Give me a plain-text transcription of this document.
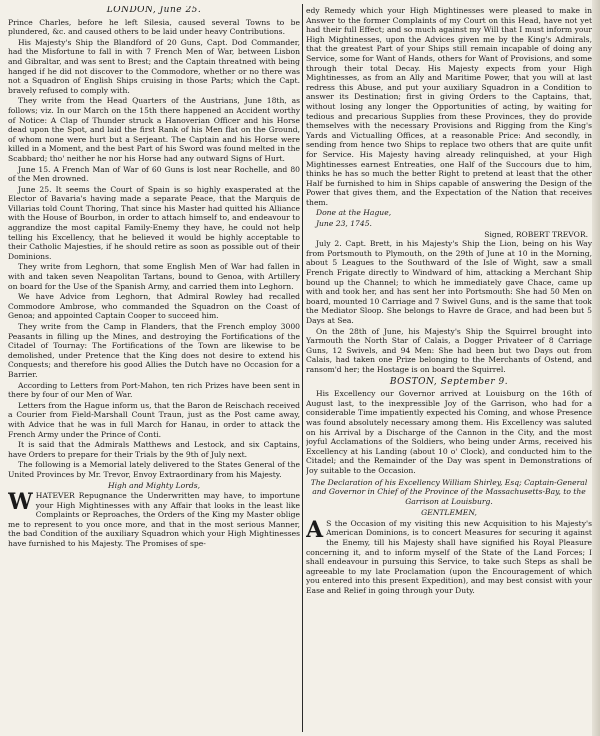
LONDON, June 25.

Prince Charles, before he left Silesia, caused several Towns to be plundered, &c. and caused others to be laid under heavy Contributions.

His Majesty's Ship the Blandford of 20 Guns, Capt. Dod Commander, had the Misfortune to fall in with 7 French Men of War, between Lisbon and Gibraltar, and was sent to Brest; and the Captain threatned with being hanged if he did not discover to the Commodore, whether or no there was not a Squadron of English Ships cruising in those Parts; which the Capt. bravely refused to comply with.

They write from the Head Quarters of the Austrians, June 18th, as follows; viz. In our March on the 15th there happened an Accident worthy of Notice: A Clap of Thunder struck a Hanoverian Officer and his Horse dead upon the Spot, and laid the first Rank of his Men flat on the Ground, of whom none were hurt but a Serjeant. The Captain and his Horse were killed in a Moment, and the best Part of his Sword was found melted in the Scabbard; tho' neither he nor his Horse had any outward Signs of Hurt.

June 15. A French Man of War of 60 Guns is lost near Rochelle, and 80 of the Men drowned.

June 25. It seems the Court of Spain is so highly exasperated at the Elector of Bavaria's having made a separate Peace, that the Marquis de Villarias told Count Thoring, That since his Master had quitted his Alliance with the House of Bourbon, in order to attach himself to, and endeavour to aggrandize the most capital Family-Enemy they have, he could not help telling his Excellency, that he believed it would be highly acceptable to their Catholic Majesties, if he should retire as soon as possible out of their Dominions.

They write from Leghorn, that some English Men of War had fallen in with and taken seven Neapolitan Tartans, bound to Genoa, with Artillery on board for the Use of the Spanish Army, and carried them into Leghorn.

We have Advice from Leghorn, that Admiral Rowley had recalled Commodore Ambrose, who commanded the Squadron on the Coast of Genoa; and appointed Captain Cooper to succeed him.

They write from the Camp in Flanders, that the French employ 3000 Peasants in filling up the Mines, and destroying the Fortifications of the Citadel of Tournay: The Fortifications of the Town are likewise to be demolished, under Pretence that the King does not desire to extend his Conquests; and therefore his good Allies the Dutch have no Occasion for a Barrier.

According to Letters from Port-Mahon, ten rich Prizes have been sent in there by four of our Men of War.

Letters from the Hague inform us, that the Baron de Reischach received a Courier from Field-Marshall Count Traun, just as the Post came away, with Advice that he was in full March for Hanau, in order to attack the French Army under the Prince of Conti.

It is said that the Admirals Matthews and Lestock, and six Captains, have Orders to prepare for their Trials by the 9th of July next.

The following is a Memorial lately delivered to the States General of the United Provinces by Mr. Trevor, Envoy Extraordinary from his Majesty.

High and Mighty Lords,

WHATEVER Repugnance the Underwritten may have, to importune your High Mightinesses with any Affair that looks in the least like Complaints or Reproaches, the Orders of the King my Master oblige me to represent to you once more, and that in the most serious Manner, the bad Condition of the auxiliary Squadron which your High Mightinesses have furnished to his Majesty. The Promises of spe-

edy Remedy which your High Mightinesses were pleased to make in Answer to the former Complaints of my Court on this Head, have not yet had their full Effect; and so much against my Will that I must inform your High Mightinesses, upon the Advices given me by the King's Admirals, that the greatest Part of your Ships still remain incapable of doing any Service, some for Want of Hands, others for Want of Provisions, and some through their total Decay. His Majesty expects from your High Mightinesses, as from an Ally and Maritime Power, that you will at last redress this Abuse, and put your auxiliary Squadron in a Condition to answer its Destination; first in giving Orders to the Captains, that, without losing any longer the Opportunities of acting, by waiting for tedious and precarious Supplies from these Provinces, they do provide themselves with the necessary Provisions and Rigging from the King's Yards and Victualling Offices, at a reasonable Price: And secondly, in sending from hence two Ships to replace two others that are quite unfit for Service. His Majesty having already relinquished, at your High Mightinesses earnest Entreaties, one Half of the Succours due to him, thinks he has so much the better Right to pretend at least that the other Half be furnished to him in Ships capable of answering the Design of the Power that gives them, and the Expectation of the Nation that receives them.

Done at the Hague,

June 23, 1745.

Signed, ROBERT TREVOR.

July 2. Capt. Brett, in his Majesty's Ship the Lion, being on his Way from Portsmouth to Plymouth, on the 29th of June at 10 in the Morning, about 5 Leagues to the Southward of the Isle of Wight, saw a small French Frigate directly to Windward of him, attacking a Merchant Ship bound up the Channel; to which he immediately gave Chace, came up with and took her, and has sent her into Portsmouth: She had 50 Men on board, mounted 10 Carriage and 7 Swivel Guns, and is the same that took the Mediator Sloop. She belongs to Havre de Grace, and had been but 5 Days at Sea.

On the 28th of June, his Majesty's Ship the Squirrel brought into Yarmouth the North Star of Calais, a Dogger Privateer of 8 Carriage Guns, 12 Swivels, and 94 Men: She had been but two Days out from Calais, had taken one Prize belonging to the Merchants of Ostend, and ransom'd her; the Hostage is on board the Squirrel.

BOSTON, September 9.

His Excellency our Governor arrived at Louisburg on the 16th of August last, to the inexpressible Joy of the Garrison, who had for a considerable Time impatiently expected his Coming, and whose Presence was found absolutely necessary among them. His Excellency was saluted on his Arrival by a Discharge of the Cannon in the City, and the most joyful Acclamations of the Soldiers, who being under Arms, received his Excellency at his Landing (about 10 o' Clock), and conducted him to the Citadel; and the Remainder of the Day was spent in Demonstrations of Joy suitable to the Occasion.

The Declaration of his Excellency William Shirley, Esq; Captain-General and Governor in Chief of the Province of the Massachusetts-Bay, to the Garrison at Louisburg.
GENTLEMEN,

A S the Occasion of my visiting this new Acquisition to his Majesty's American Dominions, is to concert Measures for securing it against the Enemy, till his Majesty shall have signified his Royal Pleasure concerning it, and to inform myself of the State of the Land Forces; I shall endeavour in pursuing this Service, to take such Steps as shall be agreeable to my late Proclamation (upon the Encouragement of which you entered into this present Expedition), and may best consist with your Ease and Relief in going through your Duty.
